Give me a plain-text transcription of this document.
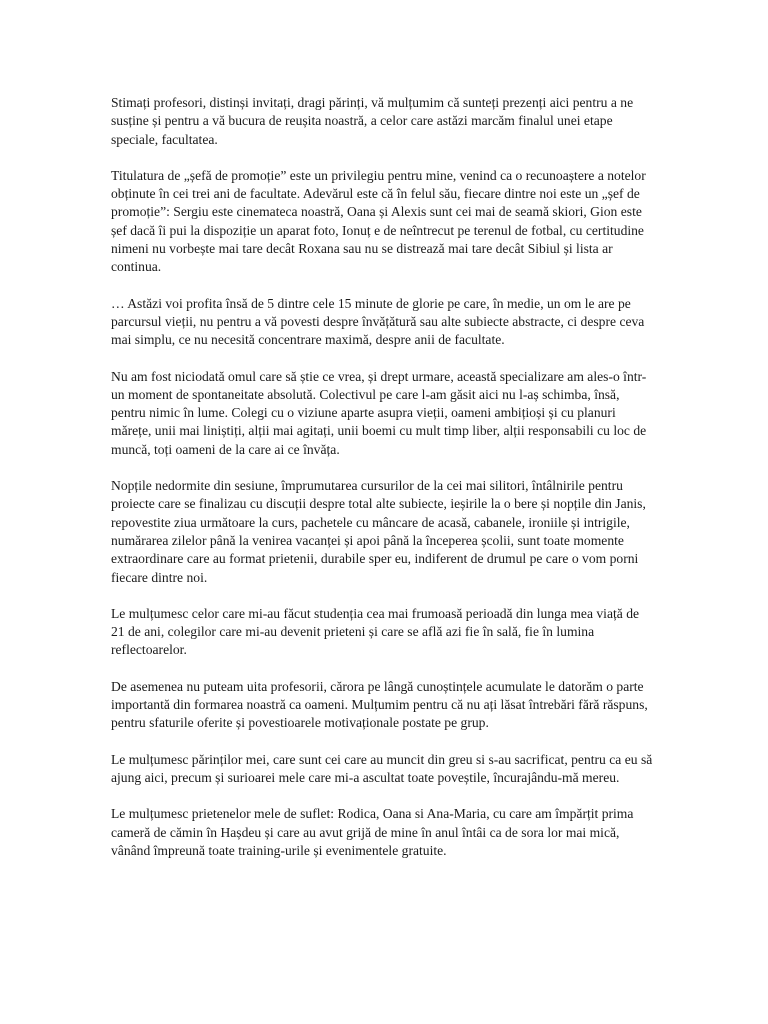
Stimați profesori, distinși invitați, dragi părinți, vă mulțumim că sunteți prezenți aici pentru a ne susține și pentru a vă bucura de reușita noastră, a celor care astăzi marcăm finalul unei etape speciale, facultatea.

Titulatura de „șefă de promoție” este un privilegiu pentru mine, venind ca o recunoaștere a notelor obținute în cei trei ani de facultate. Adevărul este că în felul său, fiecare dintre noi este un „șef de promoție”: Sergiu este cinemateca noastră, Oana și Alexis sunt cei mai de seamă skiori, Gion este șef dacă îi pui la dispoziție un aparat foto, Ionuț e de neîntrecut pe terenul de fotbal, cu certitudine nimeni nu vorbește mai tare decât Roxana sau nu se distrează mai tare decât Sibiul și lista ar continua.

… Astăzi voi profita însă de 5 dintre cele 15 minute de glorie pe care, în medie, un om le are pe parcursul vieții, nu pentru a vă povesti despre învățătură sau alte subiecte abstracte, ci despre ceva mai simplu, ce nu necesită concentrare maximă, despre anii de facultate.

Nu am fost niciodată omul care să știe ce vrea, și drept urmare, această specializare am ales-o într-un moment de spontaneitate absolută. Colectivul pe care l-am găsit aici nu l-aș schimba, însă, pentru nimic în lume. Colegi cu o viziune aparte asupra vieții, oameni ambițioși și cu planuri mărețe, unii mai liniștiți, alții mai agitați, unii boemi cu mult timp liber, alții responsabili cu loc de muncă, toți oameni de la care ai ce învăța.

Nopțile nedormite din sesiune, împrumutarea cursurilor de la cei mai silitori, întâlnirile pentru proiecte care se finalizau cu discuții despre total alte subiecte, ieșirile la o bere și nopțile din Janis, repovestite ziua următoare la curs, pachetele cu mâncare de acasă, cabanele, ironiile și intrigile, numărarea zilelor până la venirea vacanței și apoi până la începerea școlii, sunt toate momente extraordinare care au format prietenii, durabile sper eu, indiferent de drumul pe care o vom porni fiecare dintre noi.

Le mulțumesc celor care mi-au făcut studenția cea mai frumoasă perioadă din lunga mea viață de 21 de ani, colegilor care mi-au devenit prieteni și care se află azi fie în sală, fie în lumina reflectoarelor.

De asemenea nu puteam uita profesorii, cărora pe lângă cunoștințele acumulate le datorăm o parte importantă din formarea noastră ca oameni. Mulțumim pentru că nu ați lăsat întrebări fără răspuns, pentru sfaturile oferite și povestioarele motivaționale postate pe grup.

Le mulțumesc părinților mei, care sunt cei care au muncit din greu si s-au sacrificat, pentru ca eu să ajung aici, precum și surioarei mele care mi-a ascultat toate poveștile, încurajându-mă mereu.

Le mulțumesc prietenelor mele de suflet: Rodica, Oana si Ana-Maria, cu care am împărțit prima cameră de cămin în Hașdeu și care au avut grijă de mine în anul întâi ca de sora lor mai mică, vânând împreună toate training-urile și evenimentele gratuite.
